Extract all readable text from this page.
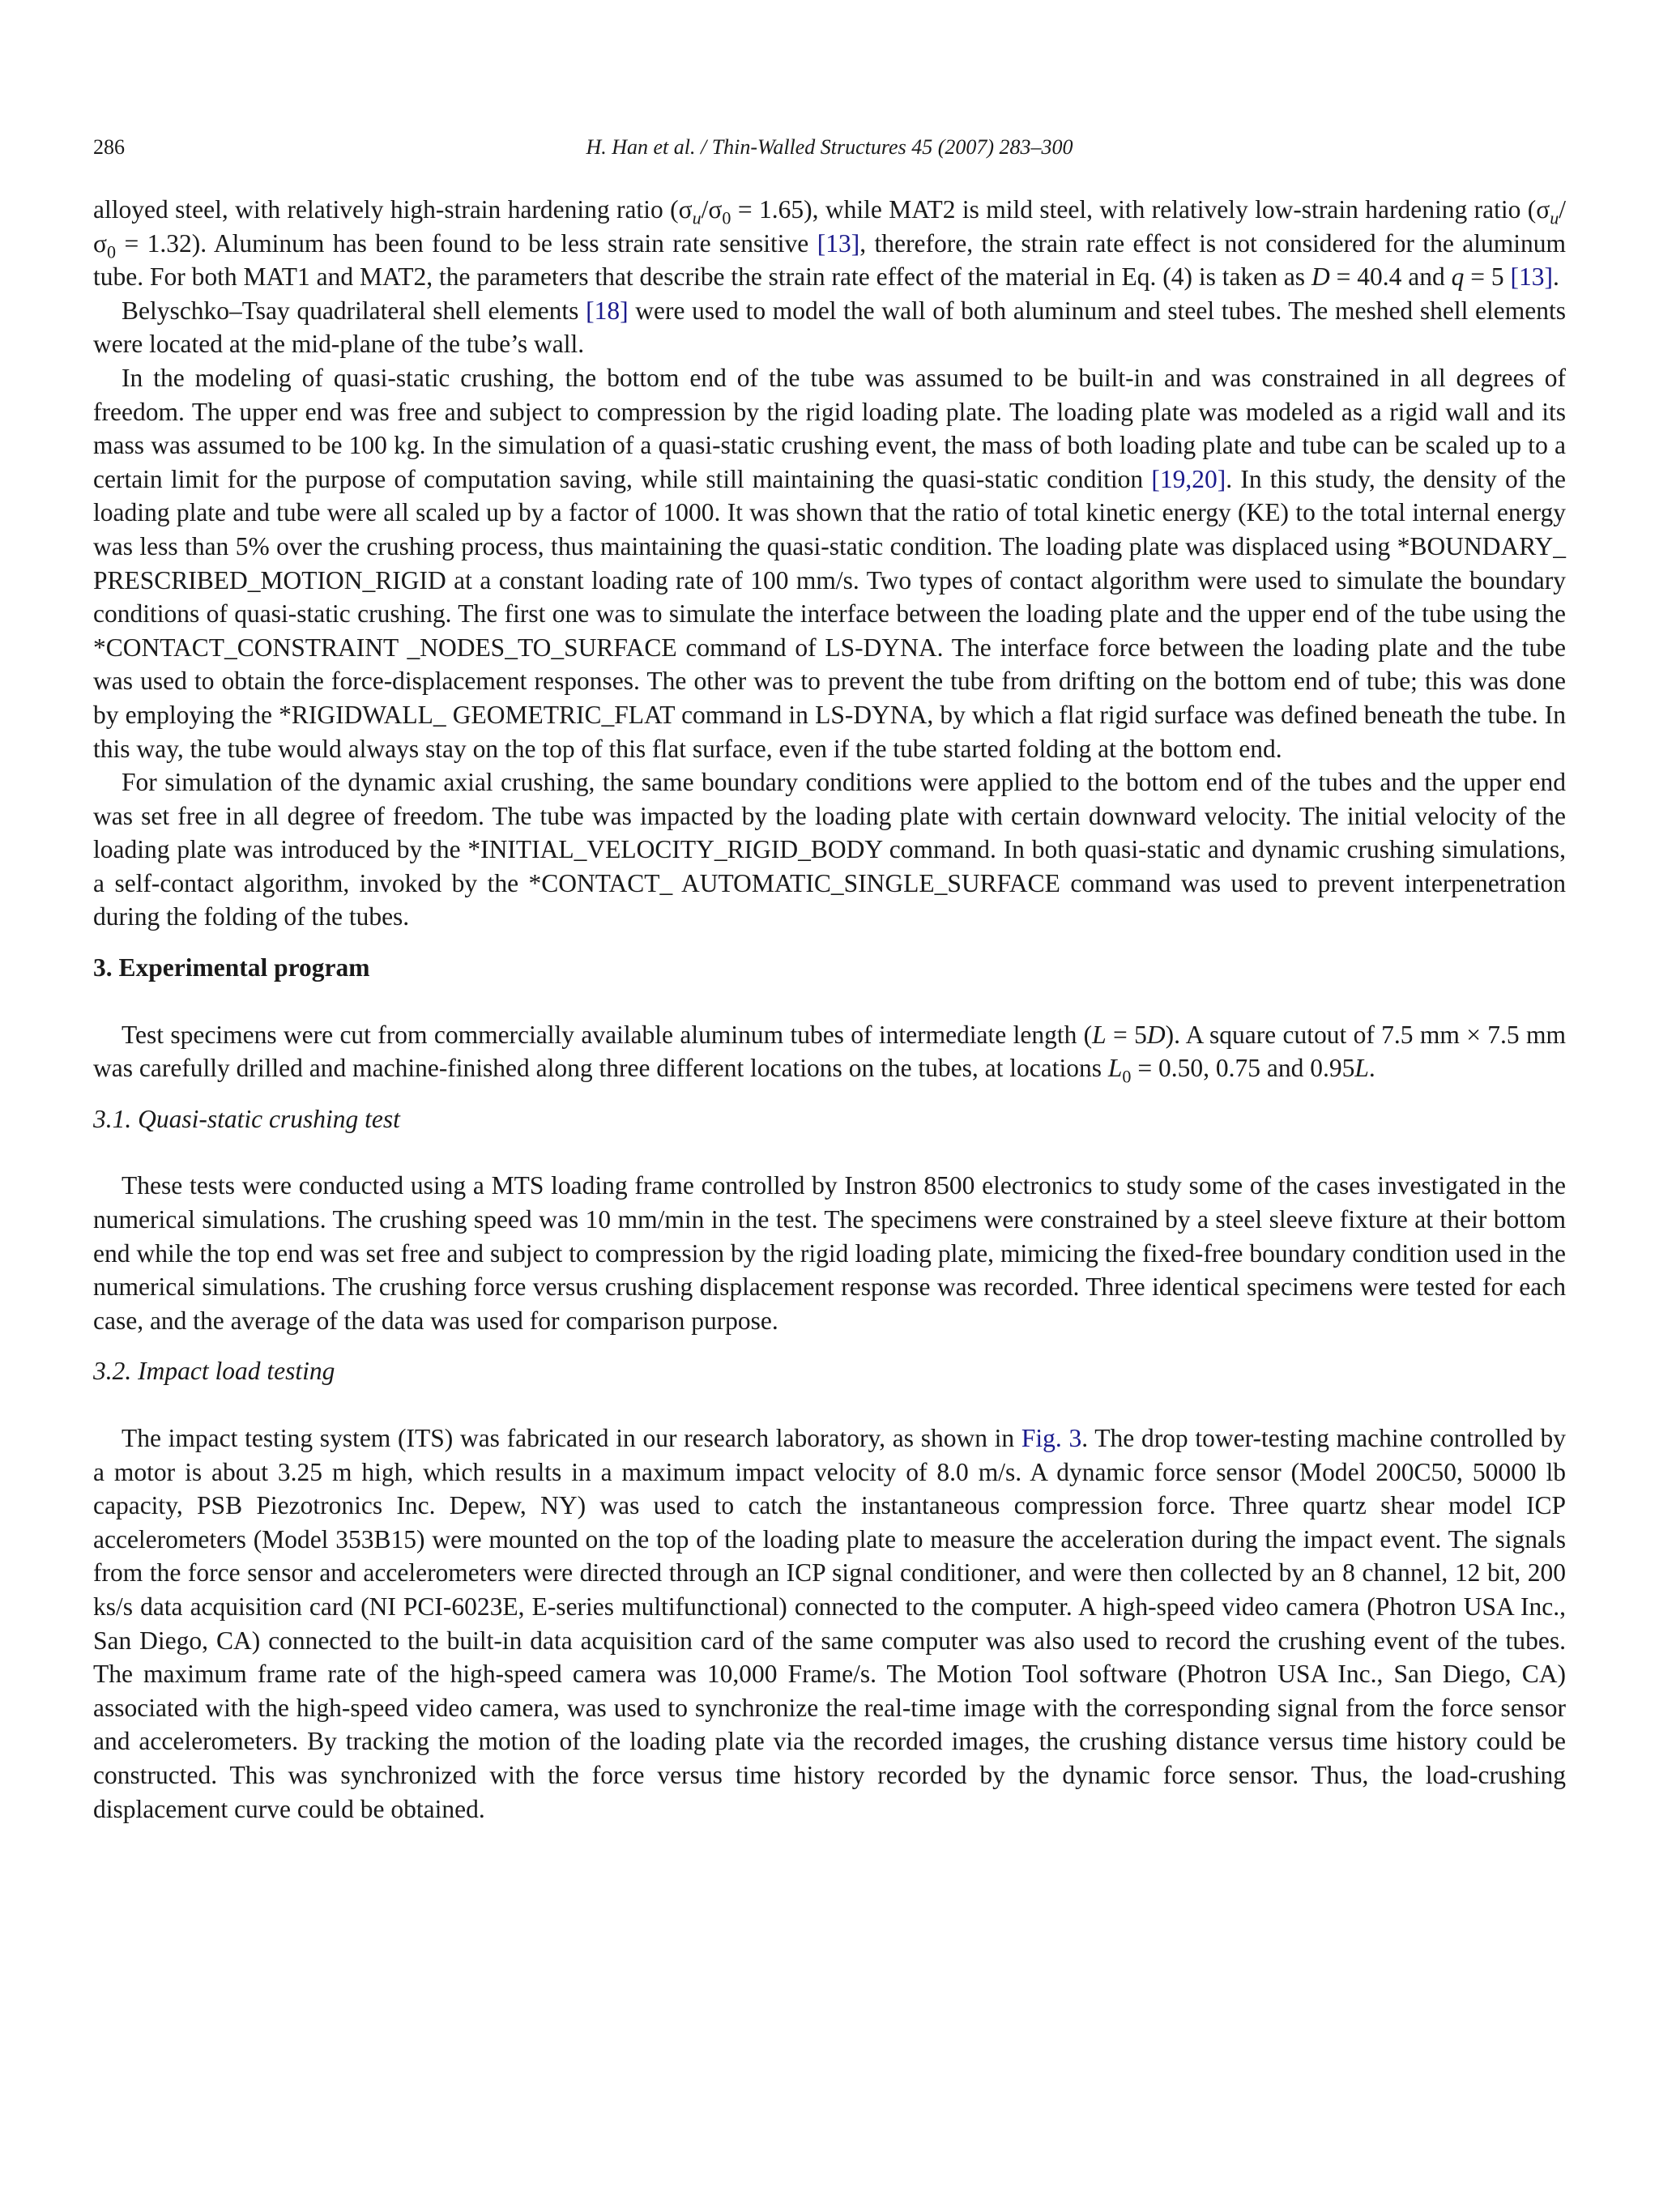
286	H. Han et al. / Thin-Walled Structures 45 (2007) 283–300

alloyed steel, with relatively high-strain hardening ratio $(\sigma_u/\sigma_0 = 1.65)$, while MAT2 is mild steel, with relatively low-strain hardening ratio $(\sigma_u/\sigma_0 = 1.32)$. Aluminum has been found to be less strain rate sensitive [13], therefore, the strain rate effect is not considered for the aluminum tube. For both MAT1 and MAT2, the parameters that describe the strain rate effect of the material in Eq. (4) is taken as D = 40.4 and q = 5 [13].

Belyschko–Tsay quadrilateral shell elements [18] were used to model the wall of both aluminum and steel tubes. The meshed shell elements were located at the mid-plane of the tube’s wall.

In the modeling of quasi-static crushing, the bottom end of the tube was assumed to be built-in and was constrained in all degrees of freedom. The upper end was free and subject to compression by the rigid loading plate. The loading plate was modeled as a rigid wall and its mass was assumed to be 100 kg. In the simulation of a quasi-static crushing event, the mass of both loading plate and tube can be scaled up to a certain limit for the purpose of computation saving, while still maintaining the quasi-static condition [19,20]. In this study, the density of the loading plate and tube were all scaled up by a factor of 1000. It was shown that the ratio of total kinetic energy (KE) to the total internal energy was less than 5% over the crushing process, thus maintaining the quasi-static condition. The loading plate was displaced using *BOUNDARY_ PRESCRIBED_MOTION_RIGID at a constant loading rate of 100 mm/s. Two types of contact algorithm were used to simulate the boundary conditions of quasi-static crushing. The first one was to simulate the interface between the loading plate and the upper end of the tube using the *CONTACT_CONSTRAINT _NODES_TO_SURFACE command of LS-DYNA. The interface force between the loading plate and the tube was used to obtain the force-displacement responses. The other was to prevent the tube from drifting on the bottom end of tube; this was done by employing the *RIGIDWALL_ GEOMETRIC_FLAT command in LS-DYNA, by which a flat rigid surface was defined beneath the tube. In this way, the tube would always stay on the top of this flat surface, even if the tube started folding at the bottom end.

For simulation of the dynamic axial crushing, the same boundary conditions were applied to the bottom end of the tubes and the upper end was set free in all degree of freedom. The tube was impacted by the loading plate with certain downward velocity. The initial velocity of the loading plate was introduced by the *INITIAL_VELOCITY_RIGID_BODY command. In both quasi-static and dynamic crushing simulations, a self-contact algorithm, invoked by the *CONTACT_ AUTOMATIC_SINGLE_SURFACE command was used to prevent interpenetration during the folding of the tubes.

3. Experimental program

Test specimens were cut from commercially available aluminum tubes of intermediate length (L = 5D). A square cutout of 7.5 mm × 7.5 mm was carefully drilled and machine-finished along three different locations on the tubes, at locations $L_0 = 0.50$, 0.75 and 0.95L.

3.1. Quasi-static crushing test

These tests were conducted using a MTS loading frame controlled by Instron 8500 electronics to study some of the cases investigated in the numerical simulations. The crushing speed was 10 mm/min in the test. The specimens were constrained by a steel sleeve fixture at their bottom end while the top end was set free and subject to compression by the rigid loading plate, mimicing the fixed-free boundary condition used in the numerical simulations. The crushing force versus crushing displacement response was recorded. Three identical specimens were tested for each case, and the average of the data was used for comparison purpose.

3.2. Impact load testing

The impact testing system (ITS) was fabricated in our research laboratory, as shown in Fig. 3. The drop tower-testing machine controlled by a motor is about 3.25 m high, which results in a maximum impact velocity of 8.0 m/s. A dynamic force sensor (Model 200C50, 50000 lb capacity, PSB Piezotronics Inc. Depew, NY) was used to catch the instantaneous compression force. Three quartz shear model ICP accelerometers (Model 353B15) were mounted on the top of the loading plate to measure the acceleration during the impact event. The signals from the force sensor and accelerometers were directed through an ICP signal conditioner, and were then collected by an 8 channel, 12 bit, 200 ks/s data acquisition card (NI PCI-6023E, E-series multifunctional) connected to the computer. A high-speed video camera (Photron USA Inc., San Diego, CA) connected to the built-in data acquisition card of the same computer was also used to record the crushing event of the tubes. The maximum frame rate of the high-speed camera was 10,000 Frame/s. The Motion Tool software (Photron USA Inc., San Diego, CA) associated with the high-speed video camera, was used to synchronize the real-time image with the corresponding signal from the force sensor and accelerometers. By tracking the motion of the loading plate via the recorded images, the crushing distance versus time history could be constructed. This was synchronized with the force versus time history recorded by the dynamic force sensor. Thus, the load-crushing displacement curve could be obtained.
